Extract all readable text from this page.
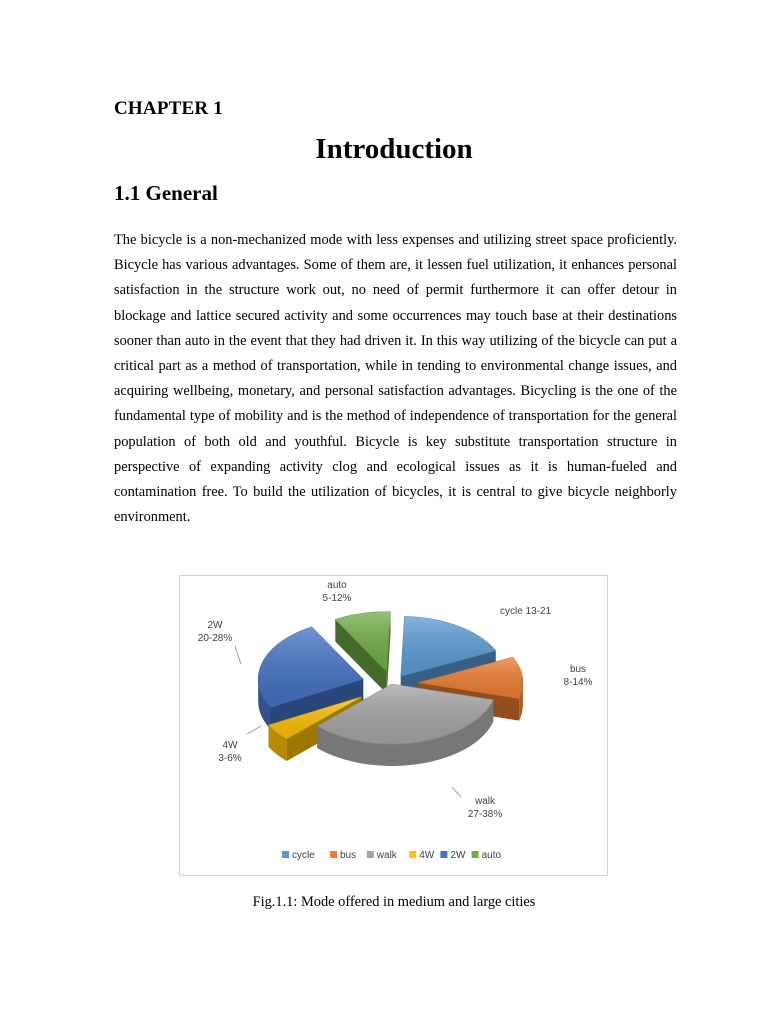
CHAPTER 1
Introduction
1.1 General

The bicycle is a non-mechanized mode with less expenses and utilizing street space proficiently. Bicycle has various advantages. Some of them are, it lessen fuel utilization, it enhances personal satisfaction in the structure work out, no need of permit furthermore it can offer detour in blockage and lattice secured activity and some occurrences may touch base at their destinations sooner than auto in the event that they had driven it. In this way utilizing of the bicycle can put a critical part as a method of transportation, while in tending to environmental change issues, and acquiring wellbeing, monetary, and personal satisfaction advantages. Bicycling is the one of the fundamental type of mobility and is the method of independence of transportation for the general population of both old and youthful. Bicycle is key substitute transportation structure in perspective of expanding activity clog and ecological issues as it is human-fueled and contamination free. To build the utilization of bicycles, it is central to give bicycle neighborly environment.

cycle 13-21
bus 8-14%
walk 27-38%
4W 3-6%
2W 20-28%
auto 5-12%
cycle	bus walk 4W 2W auto
Fig.1.1: Mode offered in medium and large cities
